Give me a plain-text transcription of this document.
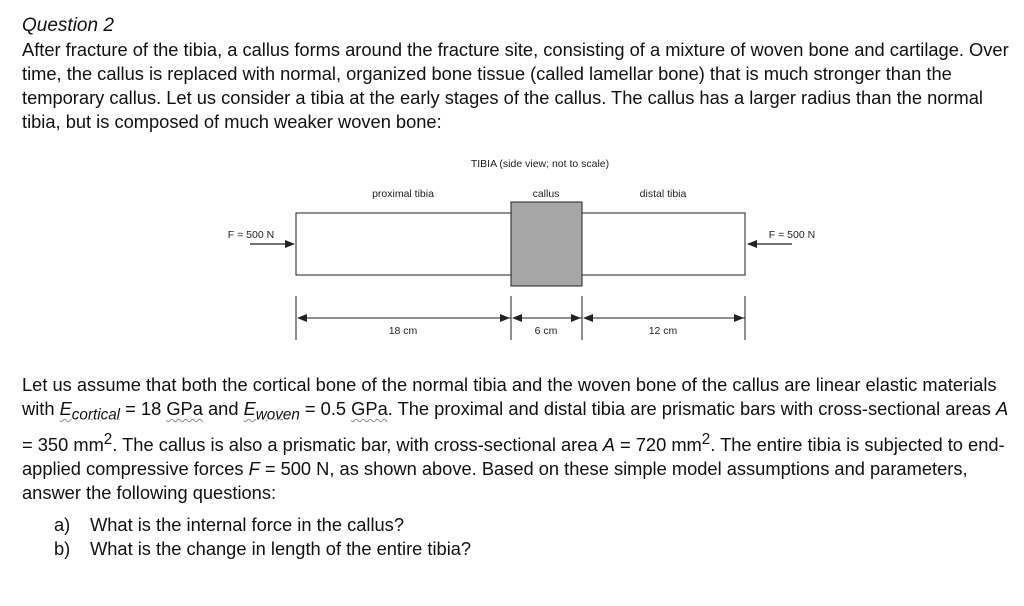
Question 2

After fracture of the tibia, a callus forms around the fracture site, consisting of a mixture of woven bone and cartilage. Over time, the callus is replaced with normal, organized bone tissue (called lamellar bone) that is much stronger than the temporary callus. Let us consider a tibia at the early stages of the callus. The callus has a larger radius than the normal tibia, but is composed of much weaker woven bone:

TIBIA (side view; not to scale)
proximal tibia	callus	distal tibia
F = 500 N	F = 500 N
18 cm	6 cm	12 cm

Let us assume that both the cortical bone of the normal tibia and the woven bone of the callus are linear elastic materials with $E_{cortical} = 18$ GPa and $E_{woven} = 0.5$ GPa. The proximal and distal tibia are prismatic bars with cross-sectional areas A = 350 $mm^2$. The callus is also a prismatic bar, with cross-sectional area A = 720 $mm^2$. The entire tibia is subjected to end-applied compressive forces F = 500 N, as shown above. Based on these simple model assumptions and parameters, answer the following questions:

a)	What is the internal force in the callus?
b)	What is the change in length of the entire tibia?
